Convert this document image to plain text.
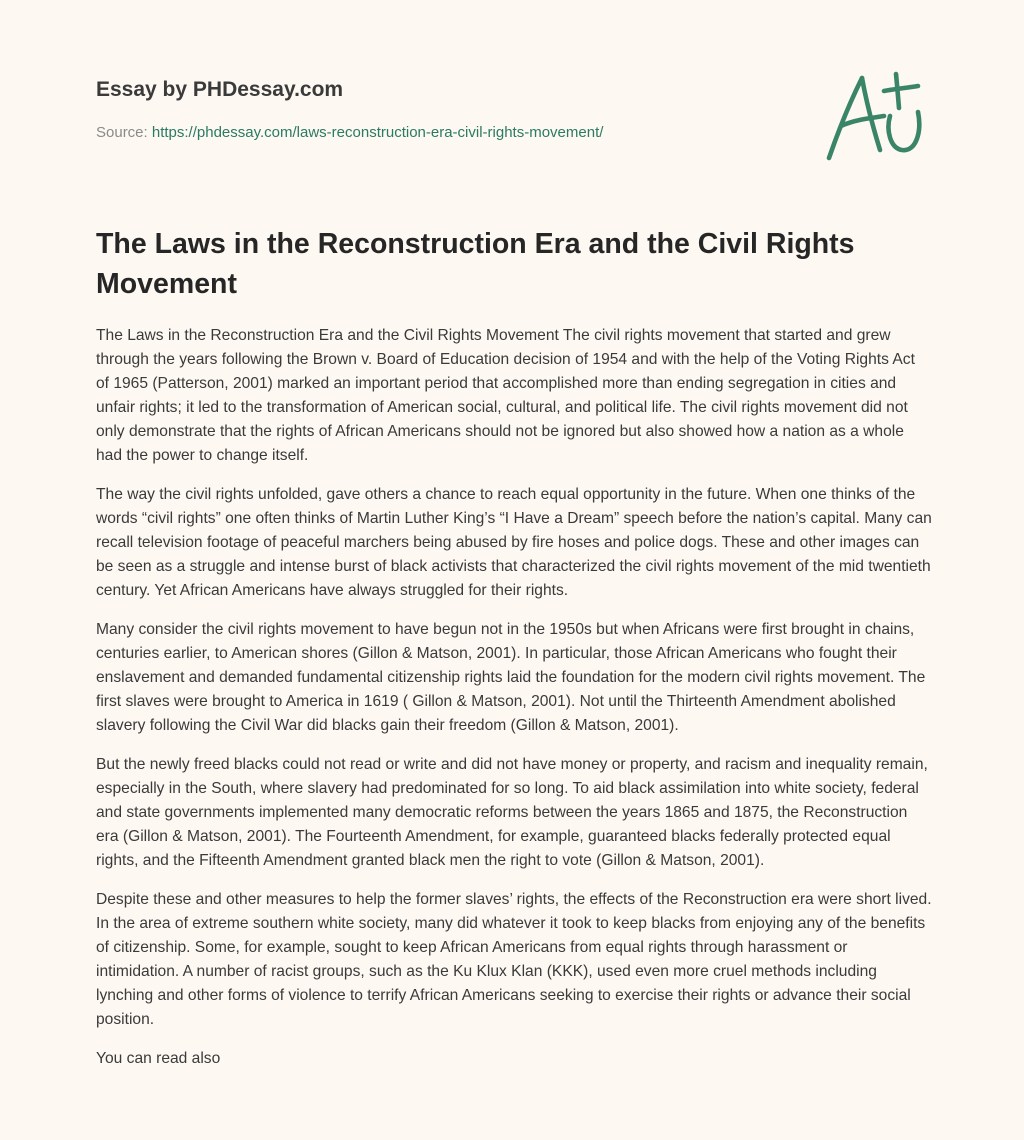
Essay by PHDessay.com

Source: https://phdessay.com/laws-reconstruction-era-civil-rights-movement/

The Laws in the Reconstruction Era and the Civil Rights Movement

The Laws in the Reconstruction Era and the Civil Rights Movement The civil rights movement that started and grew through the years following the Brown v. Board of Education decision of 1954 and with the help of the Voting Rights Act of 1965 (Patterson, 2001) marked an important period that accomplished more than ending segregation in cities and unfair rights; it led to the transformation of American social, cultural, and political life. The civil rights movement did not only demonstrate that the rights of African Americans should not be ignored but also showed how a nation as a whole had the power to change itself.

The way the civil rights unfolded, gave others a chance to reach equal opportunity in the future. When one thinks of the words “civil rights” one often thinks of Martin Luther King’s “I Have a Dream” speech before the nation’s capital. Many can recall television footage of peaceful marchers being abused by fire hoses and police dogs. These and other images can be seen as a struggle and intense burst of black activists that characterized the civil rights movement of the mid twentieth century. Yet African Americans have always struggled for their rights.

Many consider the civil rights movement to have begun not in the 1950s but when Africans were first brought in chains, centuries earlier, to American shores (Gillon & Matson, 2001). In particular, those African Americans who fought their enslavement and demanded fundamental citizenship rights laid the foundation for the modern civil rights movement. The first slaves were brought to America in 1619 ( Gillon & Matson, 2001). Not until the Thirteenth Amendment abolished slavery following the Civil War did blacks gain their freedom (Gillon & Matson, 2001).

But the newly freed blacks could not read or write and did not have money or property, and racism and inequality remain, especially in the South, where slavery had predominated for so long. To aid black assimilation into white society, federal and state governments implemented many democratic reforms between the years 1865 and 1875, the Reconstruction era (Gillon & Matson, 2001). The Fourteenth Amendment, for example, guaranteed blacks federally protected equal rights, and the Fifteenth Amendment granted black men the right to vote (Gillon & Matson, 2001).

Despite these and other measures to help the former slaves’ rights, the effects of the Reconstruction era were short lived. In the area of extreme southern white society, many did whatever it took to keep blacks from enjoying any of the benefits of citizenship. Some, for example, sought to keep African Americans from equal rights through harassment or intimidation. A number of racist groups, such as the Ku Klux Klan (KKK), used even more cruel methods including lynching and other forms of violence to terrify African Americans seeking to exercise their rights or advance their social position.

You can read also
